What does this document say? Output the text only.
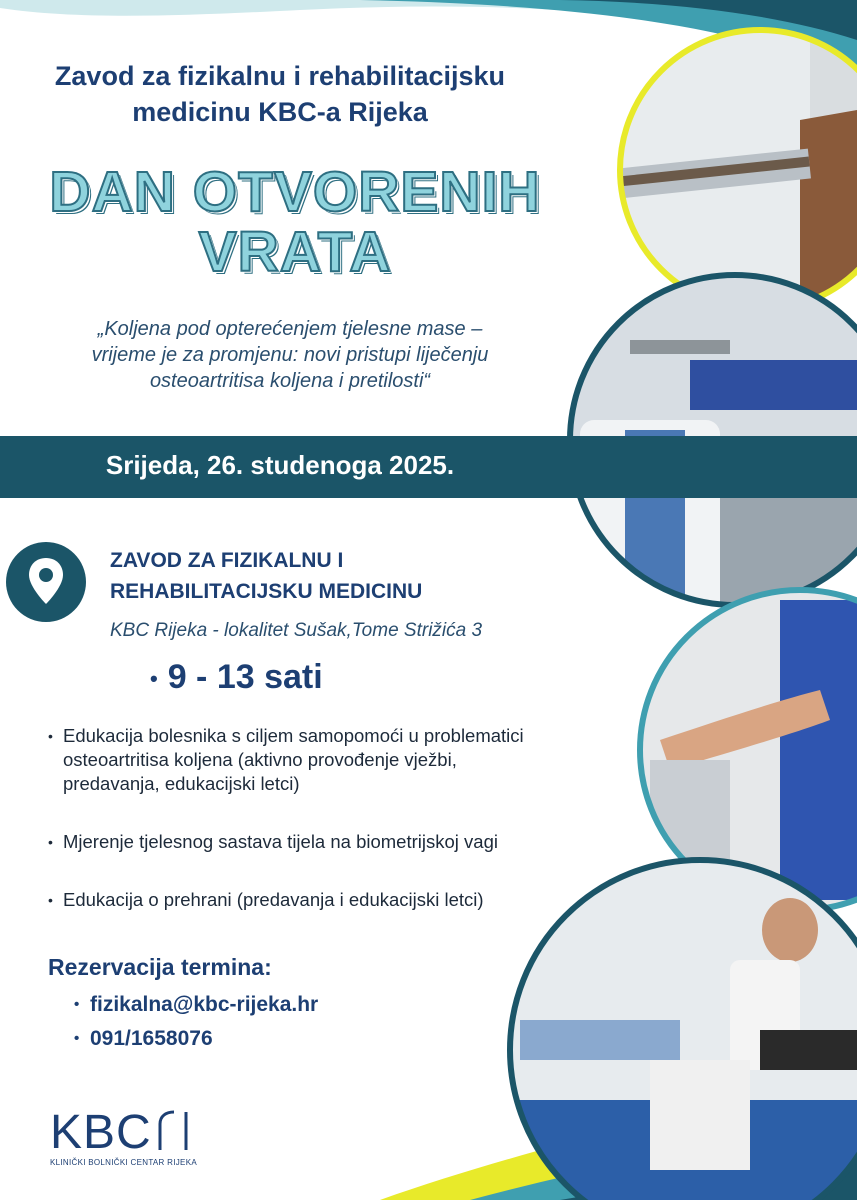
Zavod za fizikalnu i rehabilitacijsku
medicinu KBC-a Rijeka
DAN OTVORENIH
VRATA
„Koljena pod opterećenjem tjelesne mase –
vrijeme je za promjenu: novi pristupi liječenju
osteoartritisa koljena i pretilosti“
Srijeda, 26. studenoga 2025.
ZAVOD ZA FIZIKALNU I
REHABILITACIJSKU MEDICINU
KBC Rijeka - lokalitet Sušak,Tome Strižića 3
• 9 - 13 sati
• Edukacija bolesnika s ciljem samopomoći u problematici
osteoartritisa koljena (aktivno provođenje vježbi,
predavanja, edukacijski letci)
• Mjerenje tjelesnog sastava tijela na biometrijskoj vagi
• Edukacija o prehrani (predavanja i edukacijski letci)
Rezervacija termina:
• fizikalna@kbc-rijeka.hr
• 091/1658076
KBC
KLINIČKI BOLNIČKI CENTAR RIJEKA
